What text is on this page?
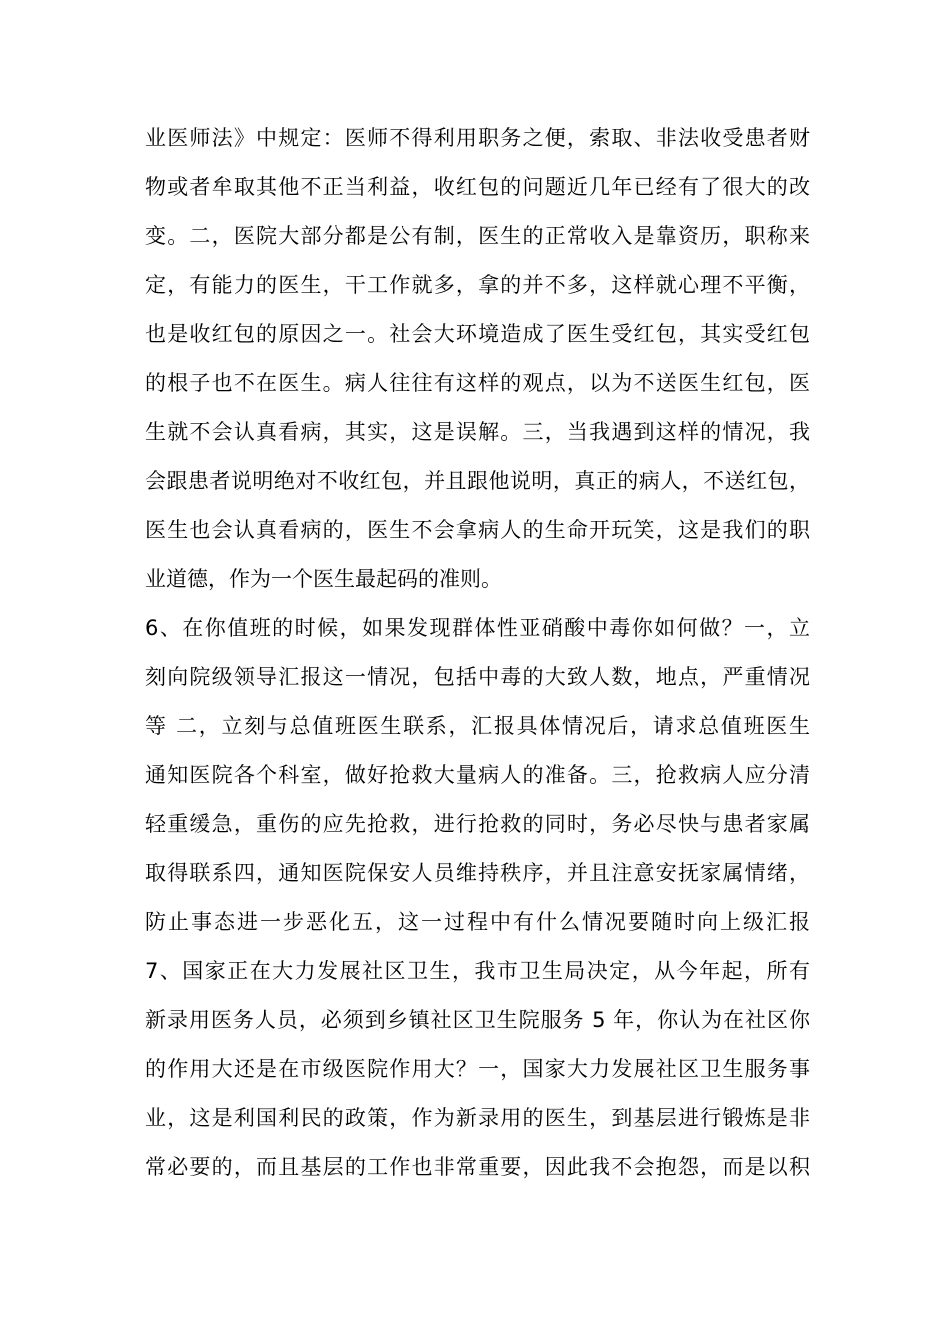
业医师法》中规定：医师不得利用职务之便，索取、非法收受患者财
物或者牟取其他不正当利益，收红包的问题近几年已经有了很大的改
变。二，医院大部分都是公有制，医生的正常收入是靠资历，职称来
定，有能力的医生，干工作就多，拿的并不多，这样就心理不平衡，
也是收红包的原因之一。社会大环境造成了医生受红包，其实受红包
的根子也不在医生。病人往往有这样的观点，以为不送医生红包，医
生就不会认真看病，其实，这是误解。三，当我遇到这样的情况，我
会跟患者说明绝对不收红包，并且跟他说明，真正的病人，不送红包，
医生也会认真看病的，医生不会拿病人的生命开玩笑，这是我们的职
业道德，作为一个医生最起码的准则。
6、在你值班的时候，如果发现群体性亚硝酸中毒你如何做？一，立
刻向院级领导汇报这一情况，包括中毒的大致人数，地点，严重情况
等 二，立刻与总值班医生联系，汇报具体情况后，请求总值班医生
通知医院各个科室，做好抢救大量病人的准备。三，抢救病人应分清
轻重缓急，重伤的应先抢救，进行抢救的同时，务必尽快与患者家属
取得联系四，通知医院保安人员维持秩序，并且注意安抚家属情绪，
防止事态进一步恶化五，这一过程中有什么情况要随时向上级汇报
7、国家正在大力发展社区卫生，我市卫生局决定，从今年起，所有
新录用医务人员，必须到乡镇社区卫生院服务 5 年，你认为在社区你
的作用大还是在市级医院作用大？一，国家大力发展社区卫生服务事
业，这是利国利民的政策，作为新录用的医生，到基层进行锻炼是非
常必要的，而且基层的工作也非常重要，因此我不会抱怨，而是以积
